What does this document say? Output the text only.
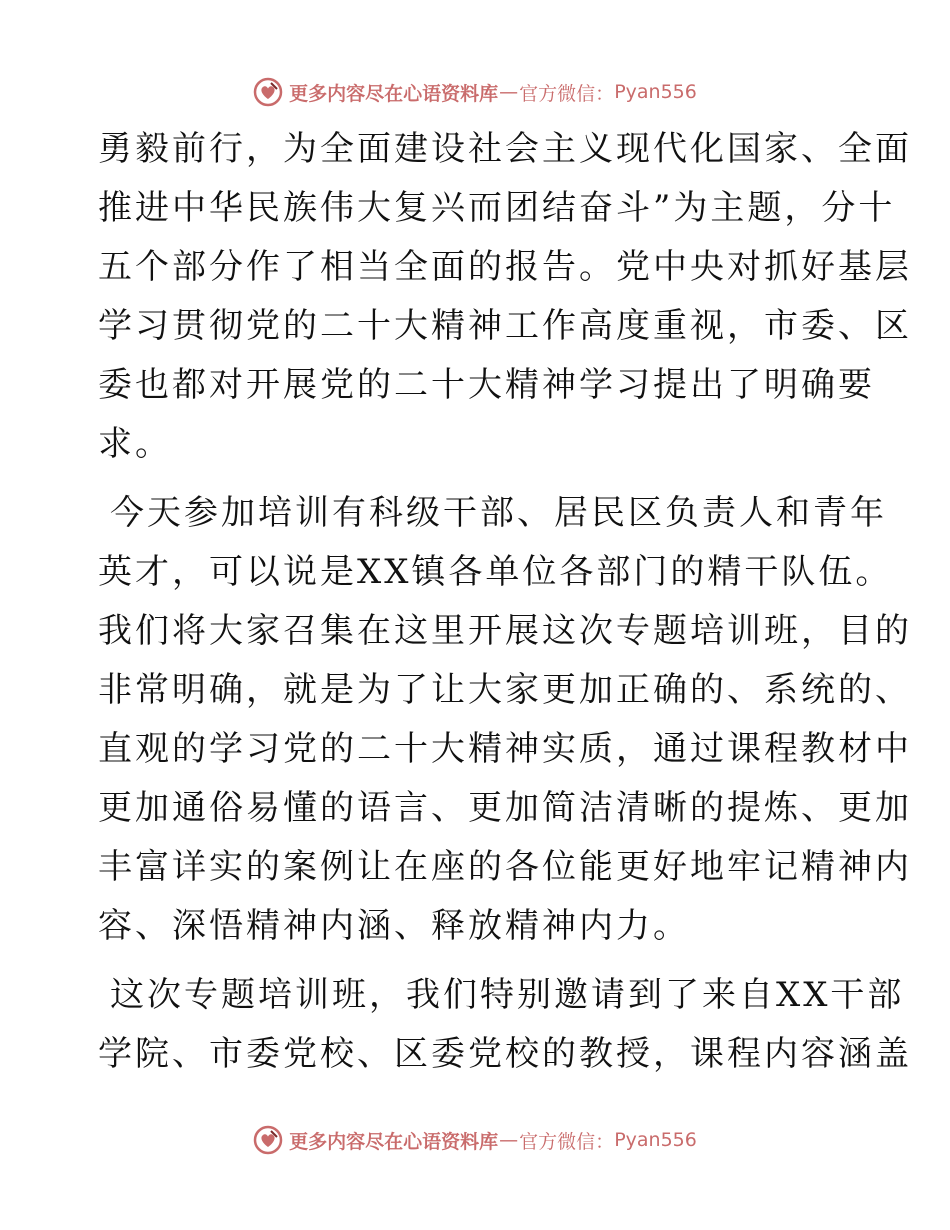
更多内容尽在心语资料库 — 官方微信： Pyan556

勇毅前行，为全面建设社会主义现代化国家、全面
推进中华民族伟大复兴而团结奋斗”为主题，分十
五个部分作了相当全面的报告。党中央对抓好基层
学习贯彻党的二十大精神工作高度重视，市委、区
委也都对开展党的二十大精神学习提出了明确要
求。

今天参加培训有科级干部、居民区负责人和青年
英才，可以说是XX镇各单位各部门的精干队伍。
我们将大家召集在这里开展这次专题培训班，目的
非常明确，就是为了让大家更加正确的、系统的、
直观的学习党的二十大精神实质，通过课程教材中
更加通俗易懂的语言、更加简洁清晰的提炼、更加
丰富详实的案例让在座的各位能更好地牢记精神内
容、深悟精神内涵、释放精神内力。

这次专题培训班，我们特别邀请到了来自XX干部
学院、市委党校、区委党校的教授，课程内容涵盖

更多内容尽在心语资料库 — 官方微信： Pyan556
